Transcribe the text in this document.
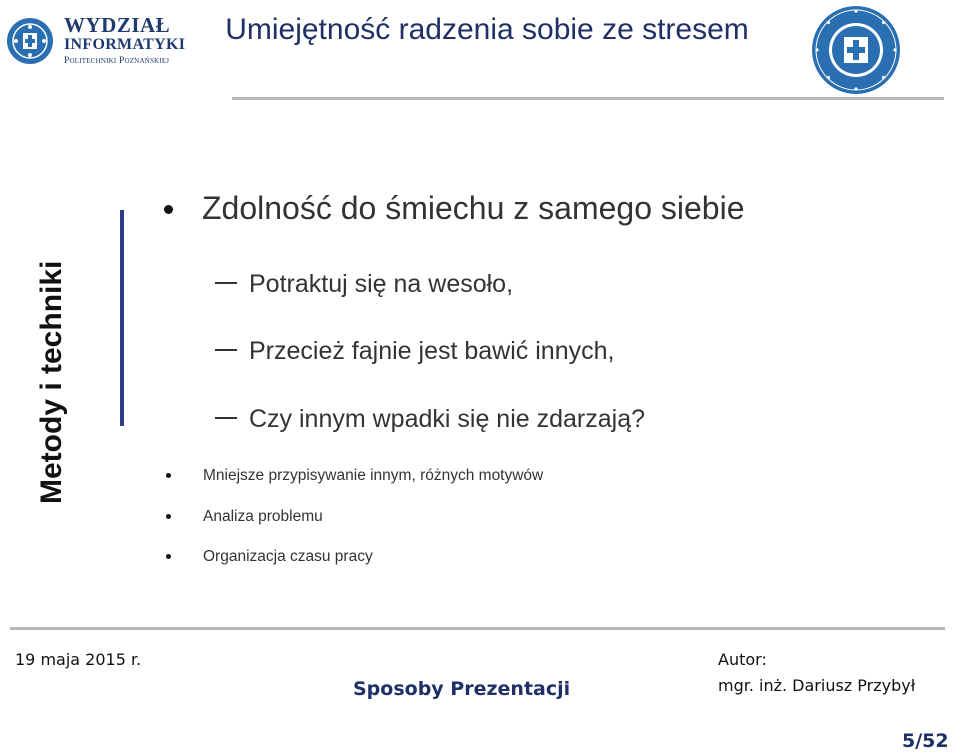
WYDZIAŁ
INFORMATYKI
Politechniki Poznańskiej
Umiejętność radzenia sobie ze stresem
Metody i techniki
Zdolność do śmiechu z samego siebie
Potraktuj się na wesoło,
Przecież fajnie jest bawić innych,
Czy innym wpadki się nie zdarzają?
Mniejsze przypisywanie innym, różnych motywów
Analiza problemu
Organizacja czasu pracy
19 maja 2015 r.
Sposoby Prezentacji
Autor:
mgr. inż. Dariusz Przybył
5/52
